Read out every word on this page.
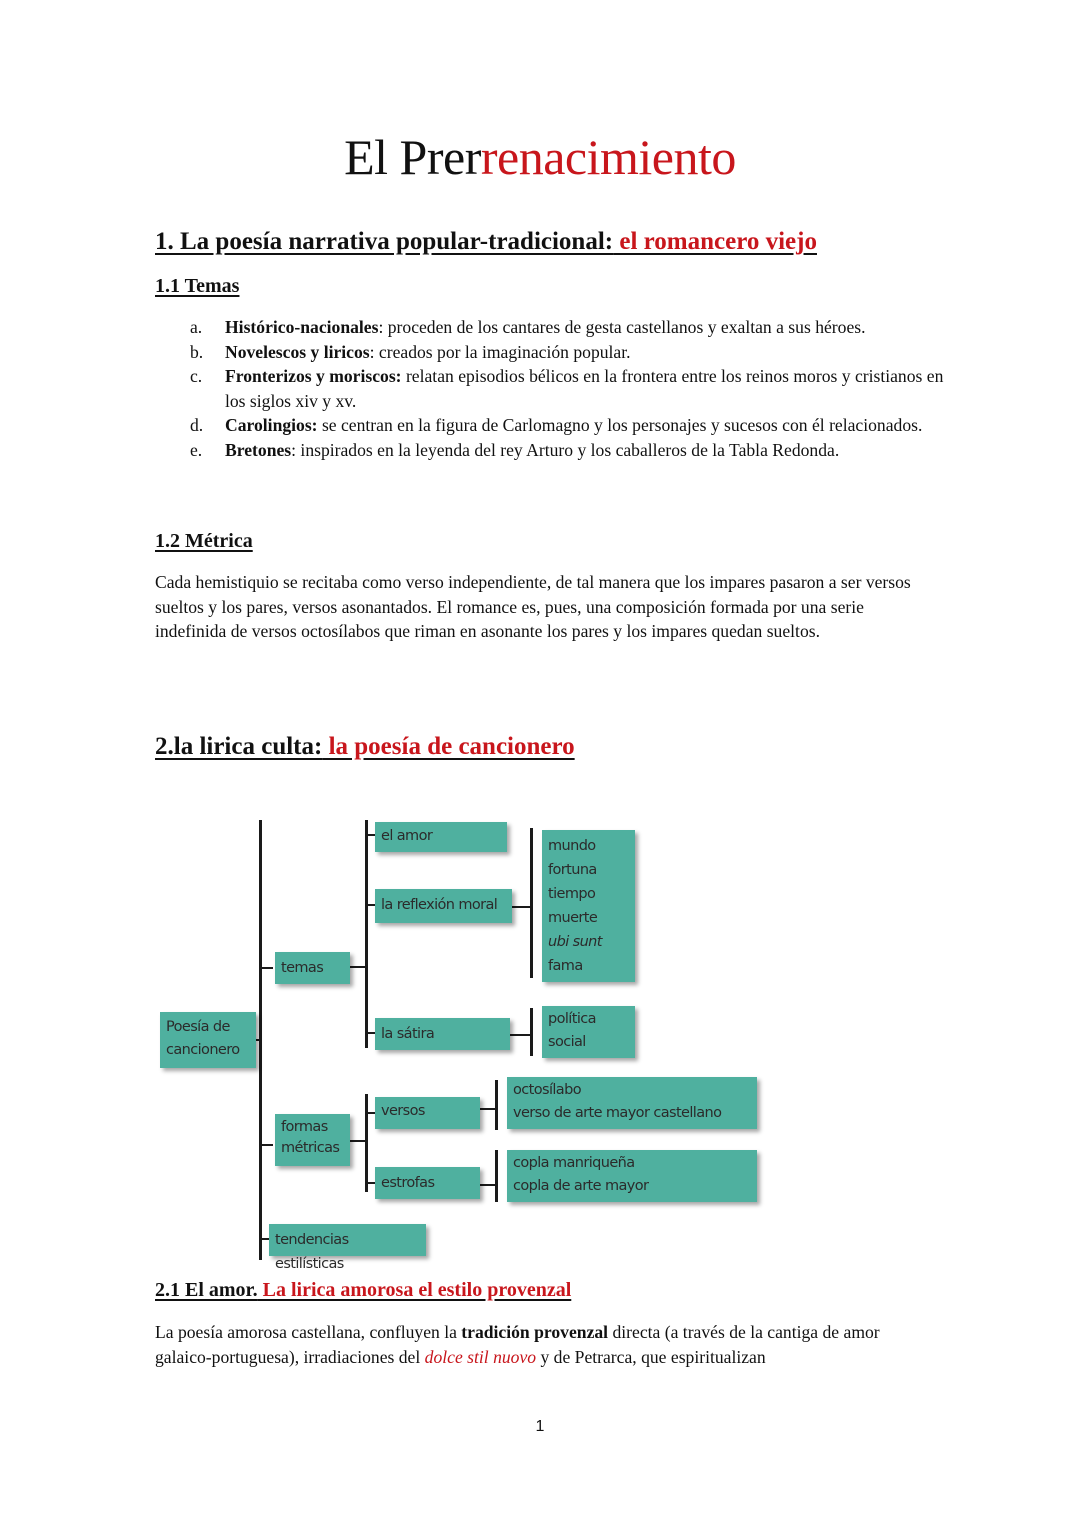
El Prerrenacimiento
1. La poesía narrativa popular-tradicional: el romancero viejo
1.1 Temas
a. Histórico-nacionales: proceden de los cantares de gesta castellanos y exaltan a sus héroes.
b. Novelescos y liricos: creados por la imaginación popular.
c. Fronterizos y moriscos: relatan episodios bélicos en la frontera entre los reinos moros y cristianos en los siglos xiv y xv.
d. Carolingios: se centran en la figura de Carlomagno y los personajes y sucesos con él relacionados.
e. Bretones: inspirados en la leyenda del rey Arturo y los caballeros de la Tabla Redonda.
1.2 Métrica

Cada hemistiquio se recitaba como verso independiente, de tal manera que los impares pasaron a ser versos sueltos y los pares, versos asonantados. El romance es, pues, una composición formada por una serie indefinida de versos octosílabos que riman en asonante los pares y los impares quedan sueltos.

2.la lirica culta: la poesía de cancionero
Poesía de
cancionero
temas
formas
métricas
tendencias estilísticas
el amor
la reflexión moral
la sátira
versos
estrofas
mundo
fortuna
tiempo
muerte
ubi sunt
fama
política
social
octosílabo
verso de arte mayor castellano
copla manriqueña
copla de arte mayor
2.1 El amor. La lirica amorosa el estilo provenzal

La poesía amorosa castellana, confluyen la tradición provenzal directa (a través de la cantiga de amor galaico-portuguesa), irradiaciones del dolce stil nuovo y de Petrarca, que espiritualizan

1
